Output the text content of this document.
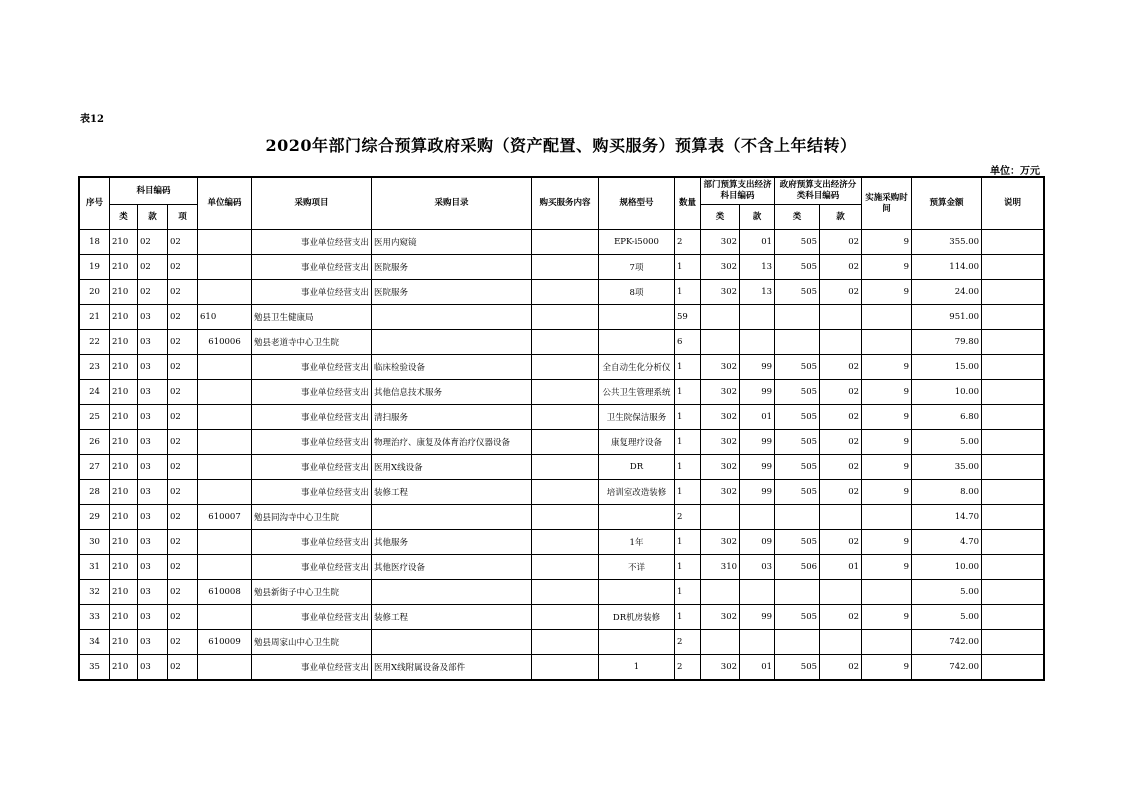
表12
2020年部门综合预算政府采购（资产配置、购买服务）预算表（不含上年结转）
单位：万元
序号	科目编码			单位编码	采购项目	采购目录	购买服务内容	规格型号	数量	部门预算支出经济科目编码		政府预算支出经济分类科目编码		实施采购时间	预算金额	说明
	类	款	项							类	款	类	款			
18	210	02	02		事业单位经营支出	医用内窥镜		EPK-i5000	2	302	01	505	02	9	355.00	
19	210	02	02		事业单位经营支出	医院服务		7项	1	302	13	505	02	9	114.00	
20	210	02	02		事业单位经营支出	医院服务		8项	1	302	13	505	02	9	24.00	
21	210	03	02	610	勉县卫生健康局				59						951.00	
22	210	03	02	610006	勉县老道寺中心卫生院				6						79.80	
23	210	03	02		事业单位经营支出	临床检验设备		全自动生化分析仪	1	302	99	505	02	9	15.00	
24	210	03	02		事业单位经营支出	其他信息技术服务		公共卫生管理系统	1	302	99	505	02	9	10.00	
25	210	03	02		事业单位经营支出	清扫服务		卫生院保洁服务	1	302	01	505	02	9	6.80	
26	210	03	02		事业单位经营支出	物理治疗、康复及体育治疗仪器设备		康复理疗设备	1	302	99	505	02	9	5.00	
27	210	03	02		事业单位经营支出	医用X线设备		DR	1	302	99	505	02	9	35.00	
28	210	03	02		事业单位经营支出	装修工程		培训室改造装修	1	302	99	505	02	9	8.00	
29	210	03	02	610007	勉县同沟寺中心卫生院				2						14.70	
30	210	03	02		事业单位经营支出	其他服务		1年	1	302	09	505	02	9	4.70	
31	210	03	02		事业单位经营支出	其他医疗设备		不详	1	310	03	506	01	9	10.00	
32	210	03	02	610008	勉县新街子中心卫生院				1						5.00	
33	210	03	02		事业单位经营支出	装修工程		DR机房装修	1	302	99	505	02	9	5.00	
34	210	03	02	610009	勉县周家山中心卫生院				2						742.00	
35	210	03	02		事业单位经营支出	医用X线附属设备及部件		1	2	302	01	505	02	9	742.00	
